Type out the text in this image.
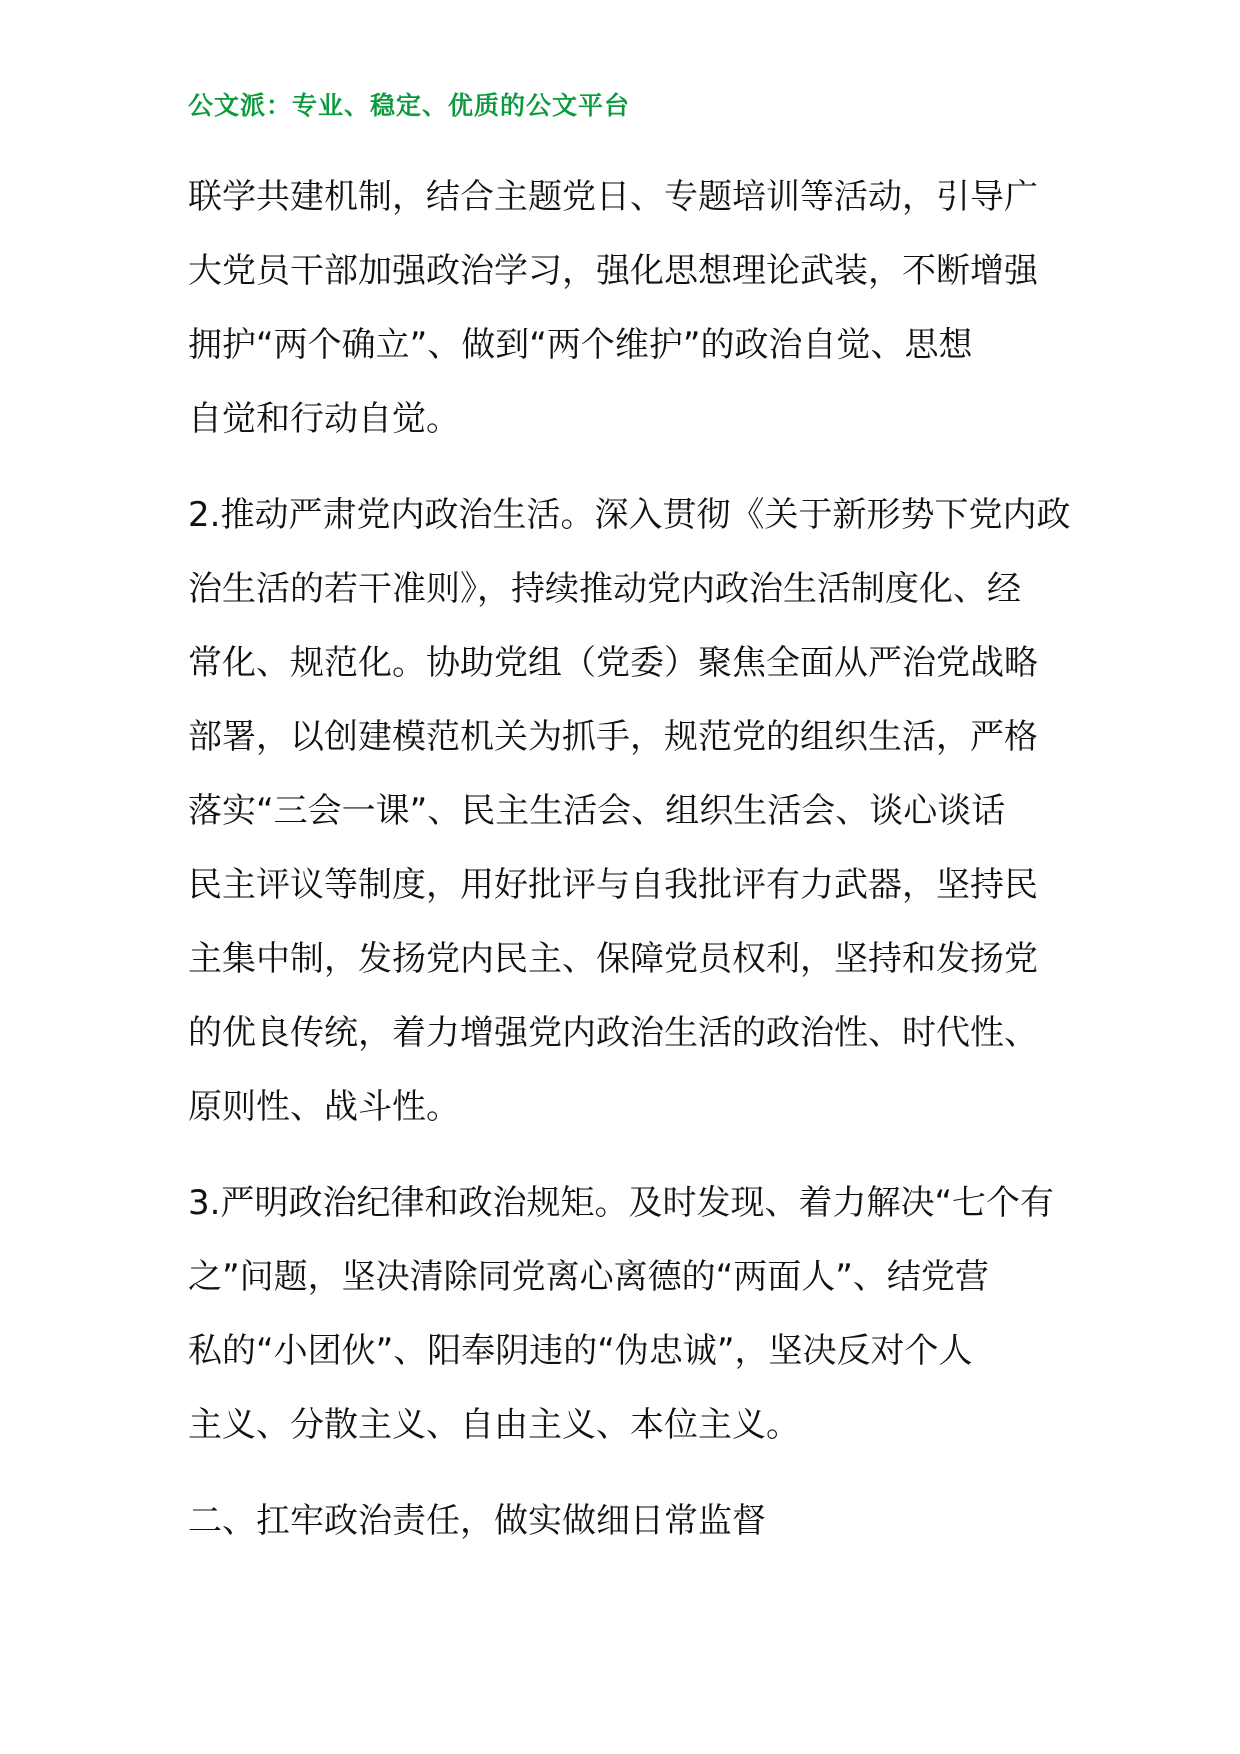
公文派：专业、稳定、优质的公文平台
联学共建机制，结合主题党日、专题培训等活动，引导广
大党员干部加强政治学习，强化思想理论武装，不断增强
拥护“两个确立”、做到“两个维护”的政治自觉、思想
自觉和行动自觉。
2.推动严肃党内政治生活。深入贯彻《关于新形势下党内政
治生活的若干准则》，持续推动党内政治生活制度化、经
常化、规范化。协助党组（党委）聚焦全面从严治党战略
部署，以创建模范机关为抓手，规范党的组织生活，严格
落实“三会一课”、民主生活会、组织生活会、谈心谈话
民主评议等制度，用好批评与自我批评有力武器，坚持民
主集中制，发扬党内民主、保障党员权利，坚持和发扬党
的优良传统，着力增强党内政治生活的政治性、时代性、
原则性、战斗性。
3.严明政治纪律和政治规矩。及时发现、着力解决“七个有
之”问题，坚决清除同党离心离德的“两面人”、结党营
私的“小团伙”、阳奉阴违的“伪忠诚”，坚决反对个人
主义、分散主义、自由主义、本位主义。
二、扛牢政治责任，做实做细日常监督
